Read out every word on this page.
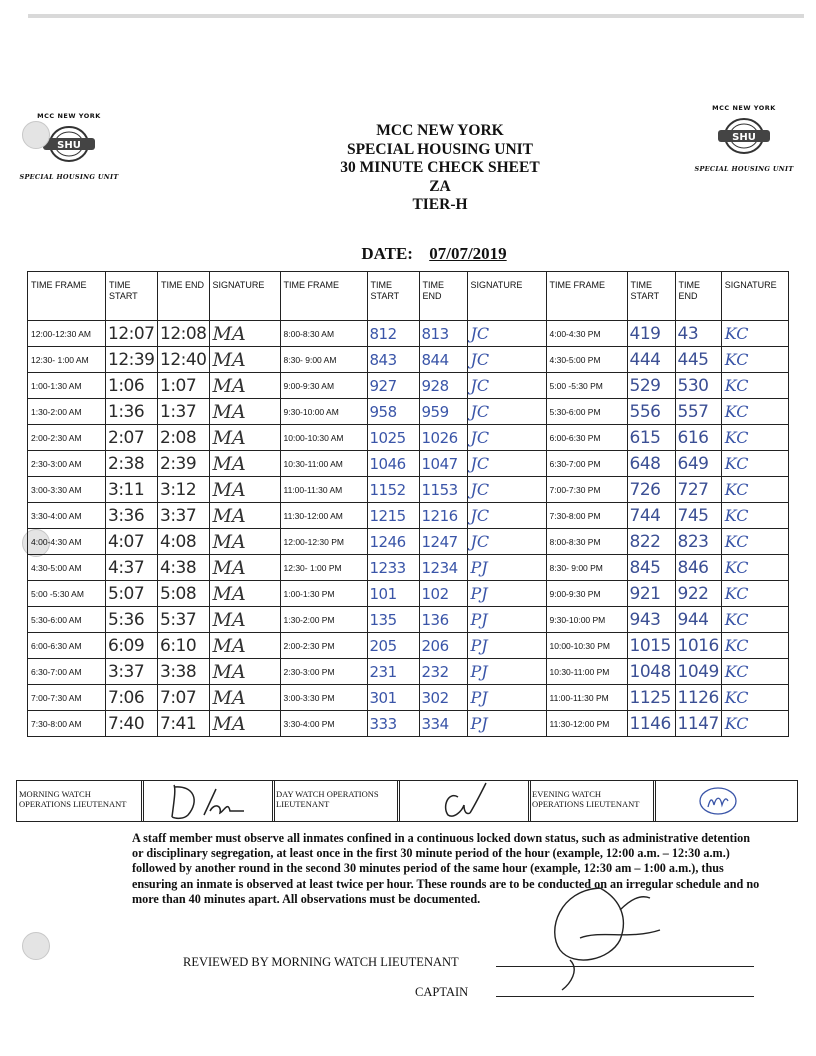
MCC NEW YORK
SHU
SPECIAL HOUSING UNIT
MCC NEW YORK
SHU
SPECIAL HOUSING UNIT
MCC NEW YORK
SPECIAL HOUSING UNIT
30 MINUTE CHECK SHEET
ZA
TIER-H
DATE: 07/07/2019
TIME FRAME	TIME START	TIME END	SIGNATURE	TIME FRAME	TIME START	TIME END	SIGNATURE	TIME FRAME	TIME START	TIME END	SIGNATURE
12:00-12:30 AM	12:07	12:08	MA	8:00-8:30 AM	812	813	JC	4:00-4:30 PM	419	43	KC
12:30- 1:00 AM	12:39	12:40	MA	8:30- 9:00 AM	843	844	JC	4:30-5:00 PM	444	445	KC
1:00-1:30 AM	1:06	1:07	MA	9:00-9:30 AM	927	928	JC	5:00 -5:30 PM	529	530	KC
1:30-2:00 AM	1:36	1:37	MA	9:30-10:00 AM	958	959	JC	5:30-6:00 PM	556	557	KC
2:00-2:30 AM	2:07	2:08	MA	10:00-10:30 AM	1025	1026	JC	6:00-6:30 PM	615	616	KC
2:30-3:00 AM	2:38	2:39	MA	10:30-11:00 AM	1046	1047	JC	6:30-7:00 PM	648	649	KC
3:00-3:30 AM	3:11	3:12	MA	11:00-11:30 AM	1152	1153	JC	7:00-7:30 PM	726	727	KC
3:30-4:00 AM	3:36	3:37	MA	11:30-12:00 AM	1215	1216	JC	7:30-8:00 PM	744	745	KC
4:00-4:30 AM	4:07	4:08	MA	12:00-12:30 PM	1246	1247	JC	8:00-8:30 PM	822	823	KC
4:30-5:00 AM	4:37	4:38	MA	12:30- 1:00 PM	1233	1234	PJ	8:30- 9:00 PM	845	846	KC
5:00 -5:30 AM	5:07	5:08	MA	1:00-1:30 PM	101	102	PJ	9:00-9:30 PM	921	922	KC
5:30-6:00 AM	5:36	5:37	MA	1:30-2:00 PM	135	136	PJ	9:30-10:00 PM	943	944	KC
6:00-6:30 AM	6:09	6:10	MA	2:00-2:30 PM	205	206	PJ	10:00-10:30 PM	1015	1016	KC
6:30-7:00 AM	3:37	3:38	MA	2:30-3:00 PM	231	232	PJ	10:30-11:00 PM	1048	1049	KC
7:00-7:30 AM	7:06	7:07	MA	3:00-3:30 PM	301	302	PJ	11:00-11:30 PM	1125	1126	KC
7:30-8:00 AM	7:40	7:41	MA	3:30-4:00 PM	333	334	PJ	11:30-12:00 PM	1146	1147	KC
MORNING WATCH OPERATIONS LIEUTENANT
DAY WATCH OPERATIONS LIEUTENANT
EVENING WATCH OPERATIONS LIEUTENANT
A staff member must observe all inmates confined in a continuous locked down status, such as administrative detention or disciplinary segregation, at least once in the first 30 minute period of the hour (example, 12:00 a.m. – 12:30 a.m.) followed by another round in the second 30 minutes period of the same hour (example, 12:30 am – 1:00 a.m.), thus ensuring an inmate is observed at least twice per hour. These rounds are to be conducted on an irregular schedule and no more than 40 minutes apart. All observations must be documented.
REVIEWED BY MORNING WATCH LIEUTENANT
CAPTAIN
